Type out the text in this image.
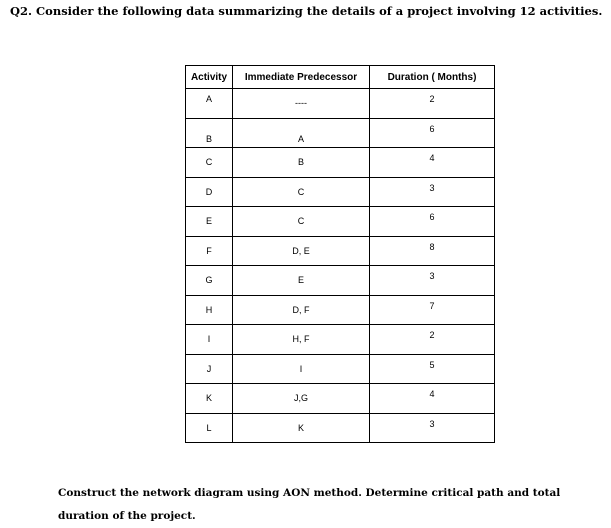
Q2. Consider the following data summarizing the details of a project involving 12 activities.
Activity	Immediate Predecessor	Duration ( Months)

A	----	2

B	A	6

C	B	4

D	C	3

E	C	6

F	D, E	8

G	E	3

H	D, F	7

I	H, F	2

J	I	5

K	J,G	4

L	K	3
Construct the network diagram using AON method. Determine critical path and total duration of the project.
